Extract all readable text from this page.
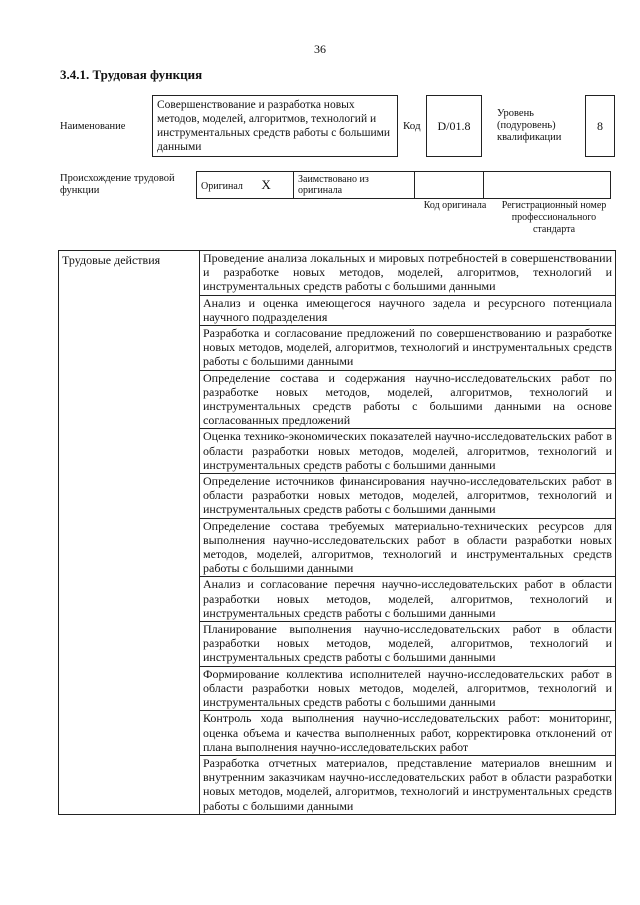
36
3.4.1. Трудовая функция
Наименование
Совершенствование и разработка новых методов, моделей, алгоритмов, технологий и инструментальных средств работы с большими данными
Код	D/01.8
Уровень (подуровень) квалификации
8
Происхождение трудовой функции	Оригинал X	Заимствовано из оригинала		
Код оригинала	Регистрационный номер профессионального стандарта
Трудовые действия	Проведение анализа локальных и мировых потребностей в совершенствовании и разработке новых методов, моделей, алгоритмов, технологий и инструментальных средств работы с большими данными
Анализ и оценка имеющегося научного задела и ресурсного потенциала научного подразделения
Разработка и согласование предложений по совершенствованию и разработке новых методов, моделей, алгоритмов, технологий и инструментальных средств работы с большими данными
Определение состава и содержания научно-исследовательских работ по разработке новых методов, моделей, алгоритмов, технологий и инструментальных средств работы с большими данными на основе согласованных предложений
Оценка технико-экономических показателей научно-исследовательских работ в области разработки новых методов, моделей, алгоритмов, технологий и инструментальных средств работы с большими данными
Определение источников финансирования научно-исследовательских работ в области разработки новых методов, моделей, алгоритмов, технологий и инструментальных средств работы с большими данными
Определение состава требуемых материально-технических ресурсов для выполнения научно-исследовательских работ в области разработки новых методов, моделей, алгоритмов, технологий и инструментальных средств работы с большими данными
Анализ и согласование перечня научно-исследовательских работ в области разработки новых методов, моделей, алгоритмов, технологий и инструментальных средств работы с большими данными
Планирование выполнения научно-исследовательских работ в области разработки новых методов, моделей, алгоритмов, технологий и инструментальных средств работы с большими данными
Формирование коллектива исполнителей научно-исследовательских работ в области разработки новых методов, моделей, алгоритмов, технологий и инструментальных средств работы с большими данными
Контроль хода выполнения научно-исследовательских работ: мониторинг, оценка объема и качества выполненных работ, корректировка отклонений от плана выполнения научно-исследовательских работ
Разработка отчетных материалов, представление материалов внешним и внутренним заказчикам научно-исследовательских работ в области разработки новых методов, моделей, алгоритмов, технологий и инструментальных средств работы с большими данными
